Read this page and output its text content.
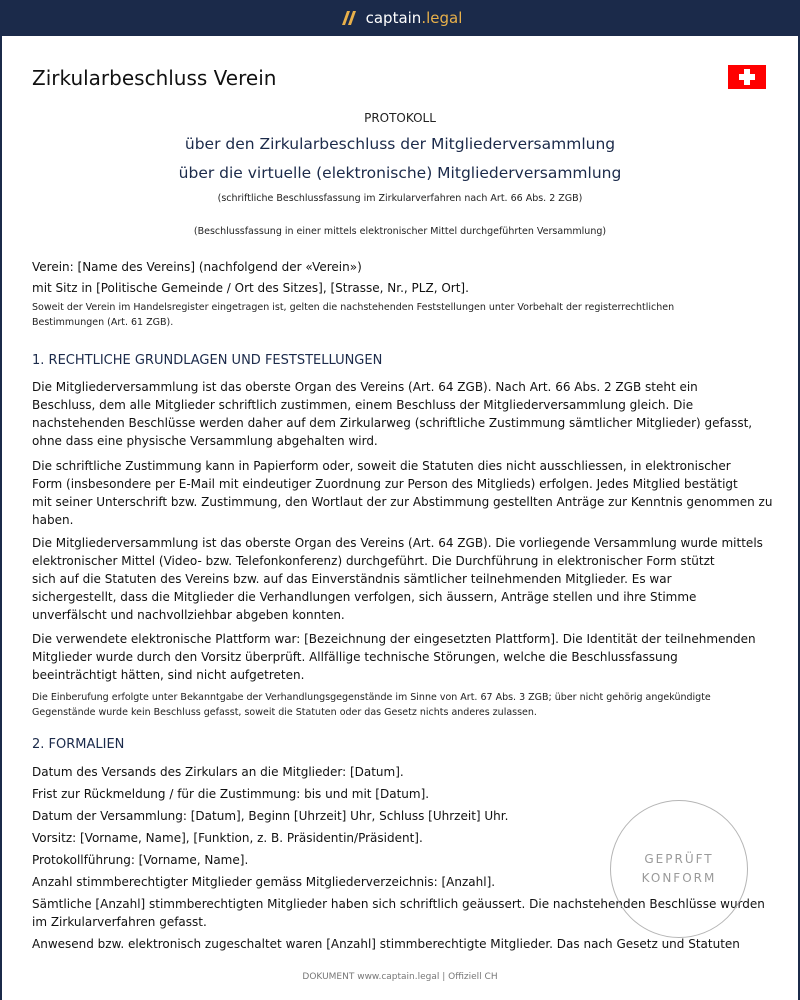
captain.legal
Zirkularbeschluss Verein
PROTOKOLL
über den Zirkularbeschluss der Mitgliederversammlung
über die virtuelle (elektronische) Mitgliederversammlung
(schriftliche Beschlussfassung im Zirkularverfahren nach Art. 66 Abs. 2 ZGB)
(Beschlussfassung in einer mittels elektronischer Mittel durchgeführten Versammlung)
Verein: [Name des Vereins] (nachfolgend der «Verein»)
mit Sitz in [Politische Gemeinde / Ort des Sitzes], [Strasse, Nr., PLZ, Ort].
Soweit der Verein im Handelsregister eingetragen ist, gelten die nachstehenden Feststellungen unter Vorbehalt der registerrechtlichen
Bestimmungen (Art. 61 ZGB).
1. RECHTLICHE GRUNDLAGEN UND FESTSTELLUNGEN
Die Mitgliederversammlung ist das oberste Organ des Vereins (Art. 64 ZGB). Nach Art. 66 Abs. 2 ZGB steht ein
Beschluss, dem alle Mitglieder schriftlich zustimmen, einem Beschluss der Mitgliederversammlung gleich. Die
nachstehenden Beschlüsse werden daher auf dem Zirkularweg (schriftliche Zustimmung sämtlicher Mitglieder) gefasst,
ohne dass eine physische Versammlung abgehalten wird.
Die schriftliche Zustimmung kann in Papierform oder, soweit die Statuten dies nicht ausschliessen, in elektronischer
Form (insbesondere per E-Mail mit eindeutiger Zuordnung zur Person des Mitglieds) erfolgen. Jedes Mitglied bestätigt
mit seiner Unterschrift bzw. Zustimmung, den Wortlaut der zur Abstimmung gestellten Anträge zur Kenntnis genommen zu
haben.
Die Mitgliederversammlung ist das oberste Organ des Vereins (Art. 64 ZGB). Die vorliegende Versammlung wurde mittels
elektronischer Mittel (Video- bzw. Telefonkonferenz) durchgeführt. Die Durchführung in elektronischer Form stützt
sich auf die Statuten des Vereins bzw. auf das Einverständnis sämtlicher teilnehmenden Mitglieder. Es war
sichergestellt, dass die Mitglieder die Verhandlungen verfolgen, sich äussern, Anträge stellen und ihre Stimme
unverfälscht und nachvollziehbar abgeben konnten.
Die verwendete elektronische Plattform war: [Bezeichnung der eingesetzten Plattform]. Die Identität der teilnehmenden
Mitglieder wurde durch den Vorsitz überprüft. Allfällige technische Störungen, welche die Beschlussfassung
beeinträchtigt hätten, sind nicht aufgetreten.
Die Einberufung erfolgte unter Bekanntgabe der Verhandlungsgegenstände im Sinne von Art. 67 Abs. 3 ZGB; über nicht gehörig angekündigte
Gegenstände wurde kein Beschluss gefasst, soweit die Statuten oder das Gesetz nichts anderes zulassen.
2. FORMALIEN
Datum des Versands des Zirkulars an die Mitglieder: [Datum].
Frist zur Rückmeldung / für die Zustimmung: bis und mit [Datum].
Datum der Versammlung: [Datum], Beginn [Uhrzeit] Uhr, Schluss [Uhrzeit] Uhr.
Vorsitz: [Vorname, Name], [Funktion, z. B. Präsidentin/Präsident].
Protokollführung: [Vorname, Name].
Anzahl stimmberechtigter Mitglieder gemäss Mitgliederverzeichnis: [Anzahl].
Sämtliche [Anzahl] stimmberechtigten Mitglieder haben sich schriftlich geäussert. Die nachstehenden Beschlüsse wurden
im Zirkularverfahren gefasst.
Anwesend bzw. elektronisch zugeschaltet waren [Anzahl] stimmberechtigte Mitglieder. Das nach Gesetz und Statuten
GEPRÜFT
KONFORM
DOKUMENT www.captain.legal | Offiziell CH
